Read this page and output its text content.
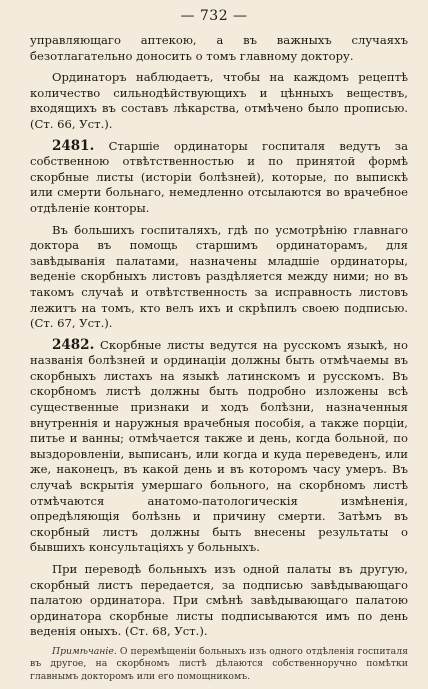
— 732 —

управляющаго аптекою, а въ важныхъ случаяхъ безотлагательно доносить о томъ главному доктору.

Ординаторъ наблюдаетъ, чтобы на каждомъ рецептѣ количество сильнодѣйствующихъ и цѣнныхъ веществъ, входящихъ въ составъ лѣкарства, отмѣчено было прописью. (Ст. 66, Уст.).

2481. Старшіе ординаторы госпиталя ведутъ за собственною отвѣтственностью и по принятой формѣ скорбные листы (исторіи болѣзней), которые, по выпискѣ или смерти больнаго, немедленно отсылаются во врачебное отдѣленіе конторы.

Въ большихъ госпиталяхъ, гдѣ по усмотрѣнію главнаго доктора въ помощь старшимъ ординаторамъ, для завѣдыванія палатами, назначены младшіе ординаторы, веденіе скорбныхъ листовъ раздѣляется между ними; но въ такомъ случаѣ и отвѣтственность за исправность листовъ лежитъ на томъ, кто велъ ихъ и скрѣпилъ своею подписью. (Ст. 67, Уст.).

2482. Скорбные листы ведутся на русскомъ языкѣ, но названія болѣзней и ординаціи должны быть отмѣчаемы въ скорбныхъ листахъ на языкѣ латинскомъ и русскомъ. Въ скорбномъ листѣ должны быть подробно изложены всѣ существенные признаки и ходъ болѣзни, назначенныя внутреннія и наружныя врачебныя пособія, а также порціи, питье и ванны; отмѣчается также и день, когда больной, по выздоровленіи, выписанъ, или когда и куда переведенъ, или же, наконецъ, въ какой день и въ которомъ часу умеръ. Въ случаѣ вскрытія умершаго больного, на скорбномъ листѣ отмѣчаются анатомо-патологическія измѣненія, опредѣляющія болѣзнь и причину смерти. Затѣмъ въ скорбный листъ должны быть внесены результаты о бывшихъ консультаціяхъ у больныхъ.

При переводѣ больныхъ изъ одной палаты въ другую, скорбный листъ передается, за подписью завѣдывающаго палатою ординатора. При смѣнѣ завѣдывающаго палатою ординатора скорбные листы подписываются имъ по день веденія оныхъ. (Ст. 68, Уст.).

Примѣчаніе. О перемѣщеніи больныхъ изъ одного отдѣленія госпиталя въ другое, на скорбномъ листѣ дѣлаются собственноручно помѣтки главнымъ докторомъ или его помощникомъ.
